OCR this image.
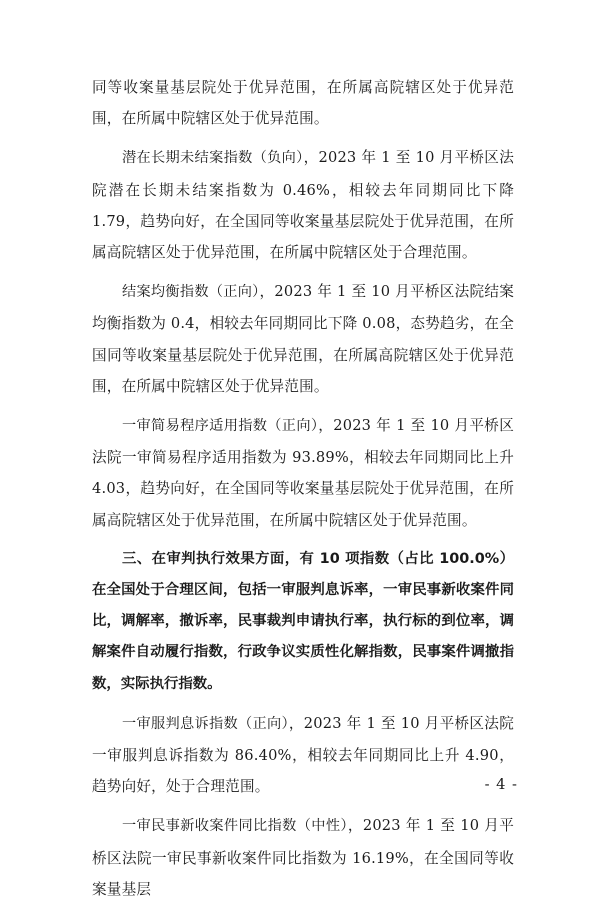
同等收案量基层院处于优异范围，在所属高院辖区处于优异范围，在所属中院辖区处于优异范围。

潜在长期未结案指数（负向），2023 年 1 至 10 月平桥区法院潜在长期未结案指数为 0.46%，相较去年同期同比下降 1.79，趋势向好，在全国同等收案量基层院处于优异范围，在所属高院辖区处于优异范围，在所属中院辖区处于合理范围。

结案均衡指数（正向），2023 年 1 至 10 月平桥区法院结案均衡指数为 0.4，相较去年同期同比下降 0.08，态势趋劣，在全国同等收案量基层院处于优异范围，在所属高院辖区处于优异范围，在所属中院辖区处于优异范围。

一审简易程序适用指数（正向），2023 年 1 至 10 月平桥区法院一审简易程序适用指数为 93.89%，相较去年同期同比上升 4.03，趋势向好，在全国同等收案量基层院处于优异范围，在所属高院辖区处于优异范围，在所属中院辖区处于优异范围。

三、在审判执行效果方面，有 10 项指数（占比 100.0%）在全国处于合理区间，包括一审服判息诉率，一审民事新收案件同比，调解率，撤诉率，民事裁判申请执行率，执行标的到位率，调解案件自动履行指数，行政争议实质性化解指数，民事案件调撤指数，实际执行指数。

一审服判息诉指数（正向），2023 年 1 至 10 月平桥区法院一审服判息诉指数为 86.40%，相较去年同期同比上升 4.90，趋势向好，处于合理范围。

一审民事新收案件同比指数（中性），2023 年 1 至 10 月平桥区法院一审民事新收案件同比指数为 16.19%，在全国同等收案量基层

- 4 -
